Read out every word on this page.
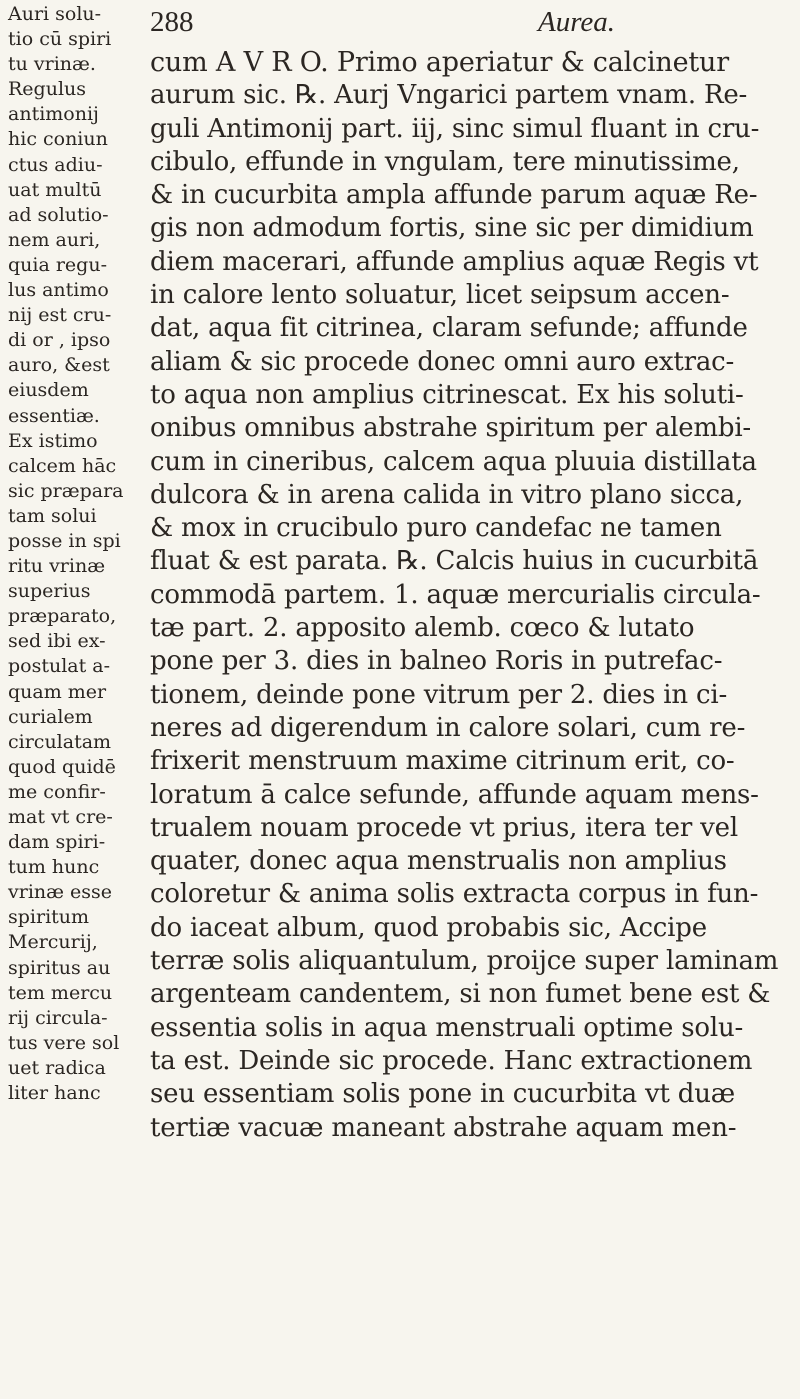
288	Aurea.
Auri solu-
tio cū spiri
tu vrinæ.
Regulus
antimonij
hic coniun
ctus adiu-
uat multū
ad solutio-
nem auri,
quia regu-
lus antimo
nij est cru-
di or , ipso
auro, &est
eiusdem
essentiæ.
Ex istimo
calcem hāc
sic præpara
tam solui
posse in spi
ritu vrinæ
superius
præparato,
sed ibi ex-
postulat a-
quam mer
curialem
circulatam
quod quidē
me confir-
mat vt cre-
dam spiri-
tum hunc
vrinæ esse
spiritum
Mercurij,
spiritus au
tem mercu
rij circula-
tus vere sol
uet radica
liter hanc
cum A V R O. Primo aperiatur & calcinetur
aurum sic. ℞. Aurj Vngarici partem vnam. Re-
guli Antimonij part. iij, sinc simul fluant in cru-
cibulo, effunde in vngulam, tere minutissime,
& in cucurbita ampla affunde parum aquæ Re-
gis non admodum fortis, sine sic per dimidium
diem macerari, affunde amplius aquæ Regis vt
in calore lento soluatur, licet seipsum accen-
dat, aqua fit citrinea, claram sefunde; affunde
aliam & sic procede donec omni auro extrac-
to aqua non amplius citrinescat. Ex his soluti-
onibus omnibus abstrahe spiritum per alembi-
cum in cineribus, calcem aqua pluuia distillata
dulcora & in arena calida in vitro plano sicca,
& mox in crucibulo puro candefac ne tamen
fluat & est parata. ℞. Calcis huius in cucurbitā
commodā partem. 1. aquæ mercurialis circula-
tæ part. 2. apposito alemb. cœco & lutato
pone per 3. dies in balneo Roris in putrefac-
tionem, deinde pone vitrum per 2. dies in ci-
neres ad digerendum in calore solari, cum re-
frixerit menstruum maxime citrinum erit, co-
loratum ā calce sefunde, affunde aquam mens-
trualem nouam procede vt prius, itera ter vel
quater, donec aqua menstrualis non amplius
coloretur & anima solis extracta corpus in fun-
do iaceat album, quod probabis sic, Accipe
terræ solis aliquantulum, proijce super laminam
argenteam candentem, si non fumet bene est &
essentia solis in aqua menstruali optime solu-
ta est. Deinde sic procede. Hanc extractionem
seu essentiam solis pone in cucurbita vt duæ
tertiæ vacuæ maneant abstrahe aquam men-
